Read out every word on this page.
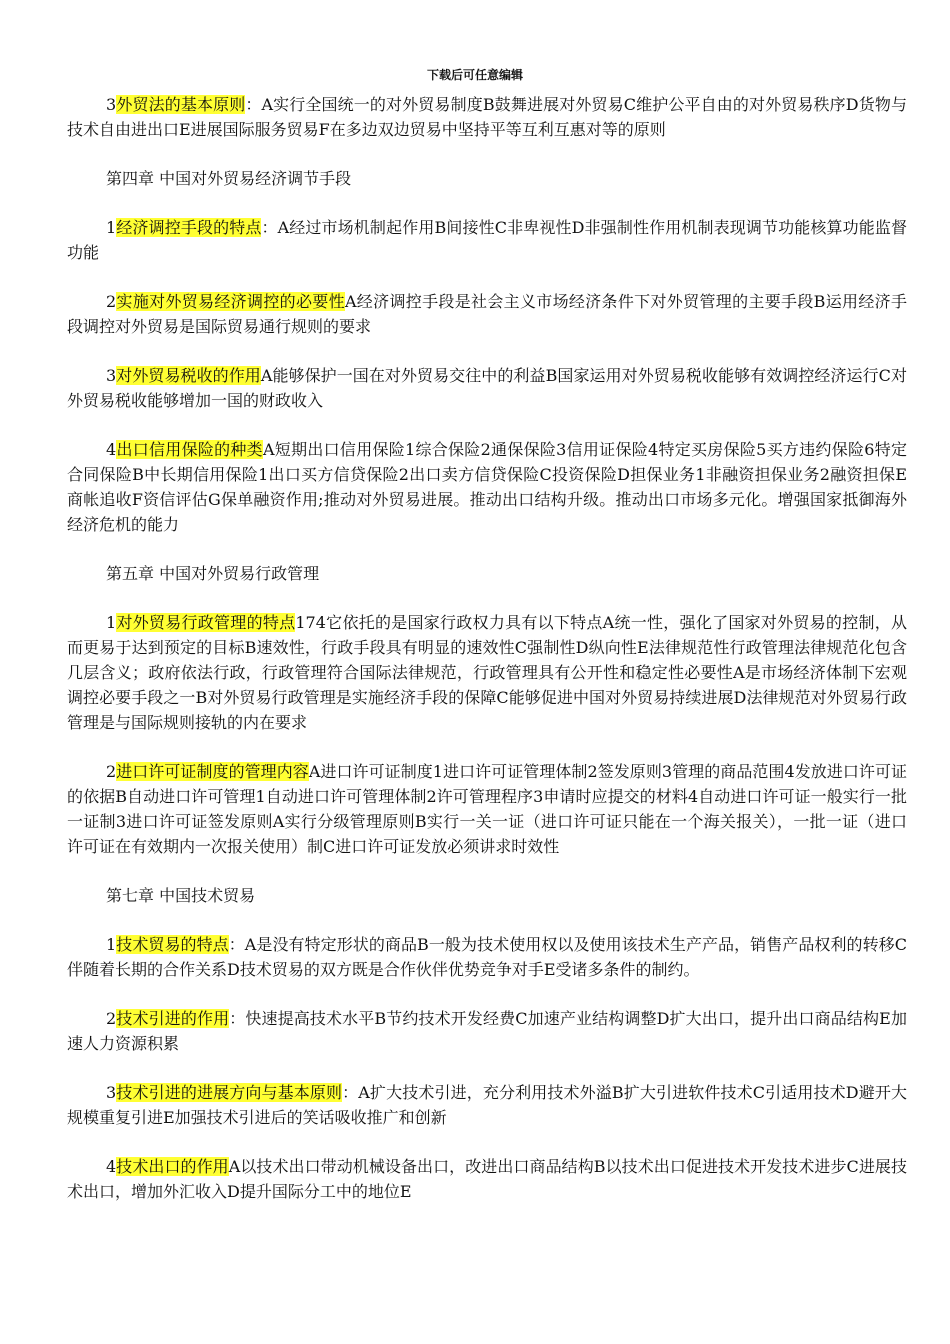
下载后可任意编辑

3外贸法的基本原则：A实行全国统一的对外贸易制度B鼓舞进展对外贸易C维护公平自由的对外贸易秩序D货物与技术自由进出口E进展国际服务贸易F在多边双边贸易中坚持平等互利互惠对等的原则

第四章 中国对外贸易经济调节手段

1经济调控手段的特点：A经过市场机制起作用B间接性C非卑视性D非强制性作用机制表现调节功能核算功能监督功能

2实施对外贸易经济调控的必要性A经济调控手段是社会主义市场经济条件下对外贸管理的主要手段B运用经济手段调控对外贸易是国际贸易通行规则的要求

3对外贸易税收的作用A能够保护一国在对外贸易交往中的利益B国家运用对外贸易税收能够有效调控经济运行C对外贸易税收能够增加一国的财政收入

4出口信用保险的种类A短期出口信用保险1综合保险2通保保险3信用证保险4特定买房保险5买方违约保险6特定合同保险B中长期信用保险1出口买方信贷保险2出口卖方信贷保险C投资保险D担保业务1非融资担保业务2融资担保E商帐追收F资信评估G保单融资作用;推动对外贸易进展。推动出口结构升级。推动出口市场多元化。增强国家抵御海外经济危机的能力

第五章 中国对外贸易行政管理

1对外贸易行政管理的特点174它依托的是国家行政权力具有以下特点A统一性，强化了国家对外贸易的控制，从而更易于达到预定的目标B速效性，行政手段具有明显的速效性C强制性D纵向性E法律规范性行政管理法律规范化包含几层含义；政府依法行政，行政管理符合国际法律规范，行政管理具有公开性和稳定性必要性A是市场经济体制下宏观调控必要手段之一B对外贸易行政管理是实施经济手段的保障C能够促进中国对外贸易持续进展D法律规范对外贸易行政管理是与国际规则接轨的内在要求

2进口许可证制度的管理内容A进口许可证制度1进口许可证管理体制2签发原则3管理的商品范围4发放进口许可证的依据B自动进口许可管理1自动进口许可管理体制2许可管理程序3申请时应提交的材料4自动进口许可证一般实行一批一证制3进口许可证签发原则A实行分级管理原则B实行一关一证（进口许可证只能在一个海关报关），一批一证（进口许可证在有效期内一次报关使用）制C进口许可证发放必须讲求时效性

第七章 中国技术贸易

1技术贸易的特点：A是没有特定形状的商品B一般为技术使用权以及使用该技术生产产品，销售产品权利的转移C伴随着长期的合作关系D技术贸易的双方既是合作伙伴优势竞争对手E受诸多条件的制约。

2技术引进的作用：快速提高技术水平B节约技术开发经费C加速产业结构调整D扩大出口，提升出口商品结构E加速人力资源积累

3技术引进的进展方向与基本原则：A扩大技术引进，充分利用技术外溢B扩大引进软件技术C引适用技术D避开大规模重复引进E加强技术引进后的笑话吸收推广和创新

4技术出口的作用A以技术出口带动机械设备出口，改进出口商品结构B以技术出口促进技术开发技术进步C进展技术出口，增加外汇收入D提升国际分工中的地位E
